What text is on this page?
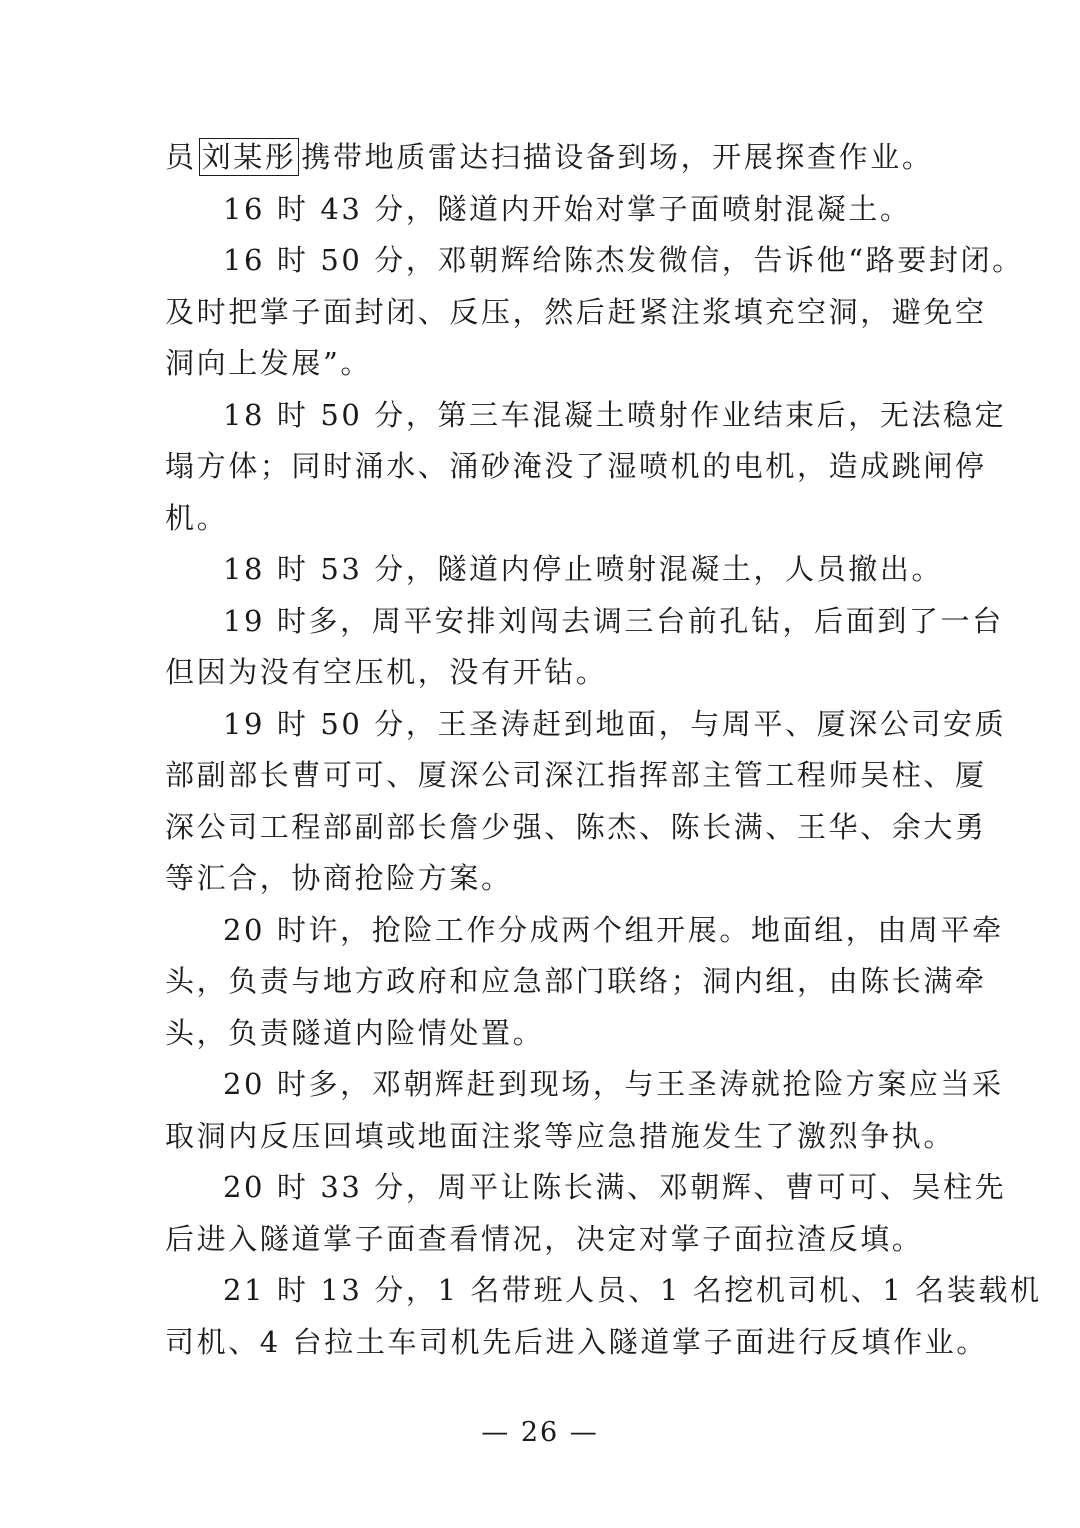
员 刘某彤 携带地质雷达扫描设备到场，开展探查作业。
16 时 43 分，隧道内开始对掌子面喷射混凝土。
16 时 50 分，邓朝辉给陈杰发微信，告诉他“路要封闭。
及时把掌子面封闭、反压，然后赶紧注浆填充空洞，避免空
洞向上发展”。
18 时 50 分，第三车混凝土喷射作业结束后，无法稳定
塌方体；同时涌水、涌砂淹没了湿喷机的电机，造成跳闸停
机。
18 时 53 分，隧道内停止喷射混凝土，人员撤出。
19 时多，周平安排刘闯去调三台前孔钻，后面到了一台
但因为没有空压机，没有开钻。
19 时 50 分，王圣涛赶到地面，与周平、厦深公司安质
部副部长曹可可、厦深公司深江指挥部主管工程师吴柱、厦
深公司工程部副部长詹少强、陈杰、陈长满、王华、余大勇
等汇合，协商抢险方案。
20 时许，抢险工作分成两个组开展。地面组，由周平牵
头，负责与地方政府和应急部门联络；洞内组，由陈长满牵
头，负责隧道内险情处置。
20 时多，邓朝辉赶到现场，与王圣涛就抢险方案应当采
取洞内反压回填或地面注浆等应急措施发生了激烈争执。
20 时 33 分，周平让陈长满、邓朝辉、曹可可、吴柱先
后进入隧道掌子面查看情况，决定对掌子面拉渣反填。
21 时 13 分，1 名带班人员、1 名挖机司机、1 名装载机
司机、4 台拉土车司机先后进入隧道掌子面进行反填作业。
— 26 —
